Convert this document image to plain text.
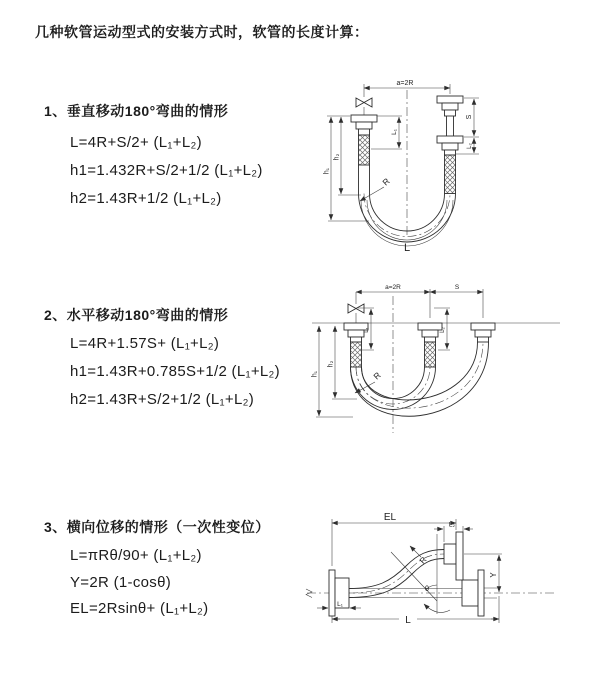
几种软管运动型式的安装方式时，软管的长度计算：
1、垂直移动180°弯曲的情形
L=4R+S/2+ (L₁+L₂)
h1=1.432R+S/2+1/2 (L₁+L₂)
h2=1.43R+1/2 (L₁+L₂)
2、水平移动180°弯曲的情形
L=4R+1.57S+ (L₁+L₂)
h1=1.43R+0.785S+1/2 (L₁+L₂)
h2=1.43R+S/2+1/2 (L₁+L₂)
3、横向位移的情形（一次性变位）
L=πRθ/90+ (L₁+L₂)
Y=2R (1-cosθ)
EL=2Rsinθ+ (L₁+L₂)
a=2R
h₁
h₂
L₁
S
L₂
R
L
a=2R	S
L₁	L₂
h₁
h₂
R
EL
L₂
Y
θ
R
L
L₁
